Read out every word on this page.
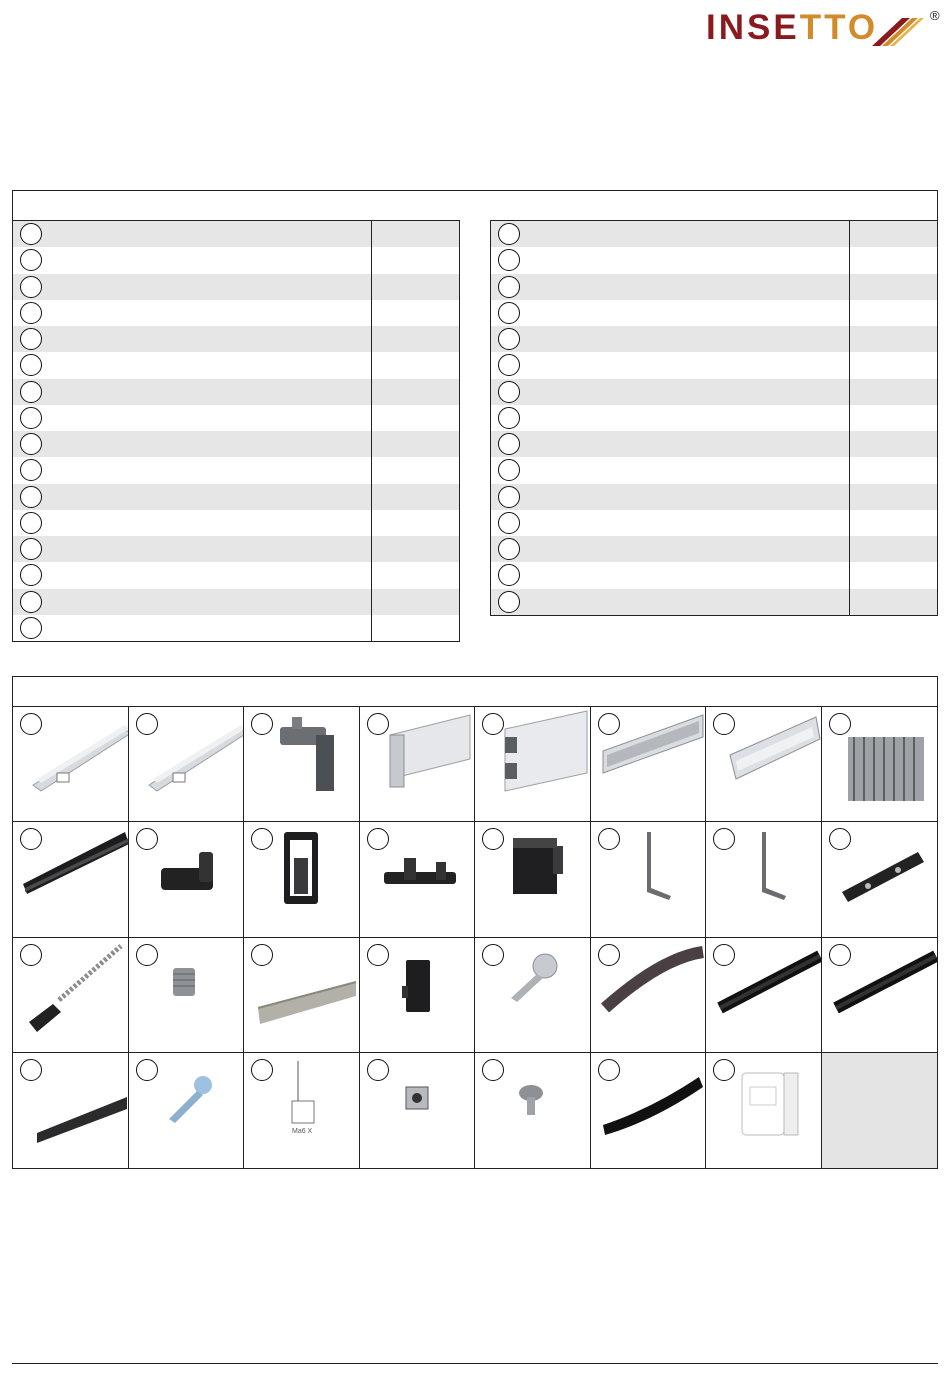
INSETTO	®
Ma6 X
